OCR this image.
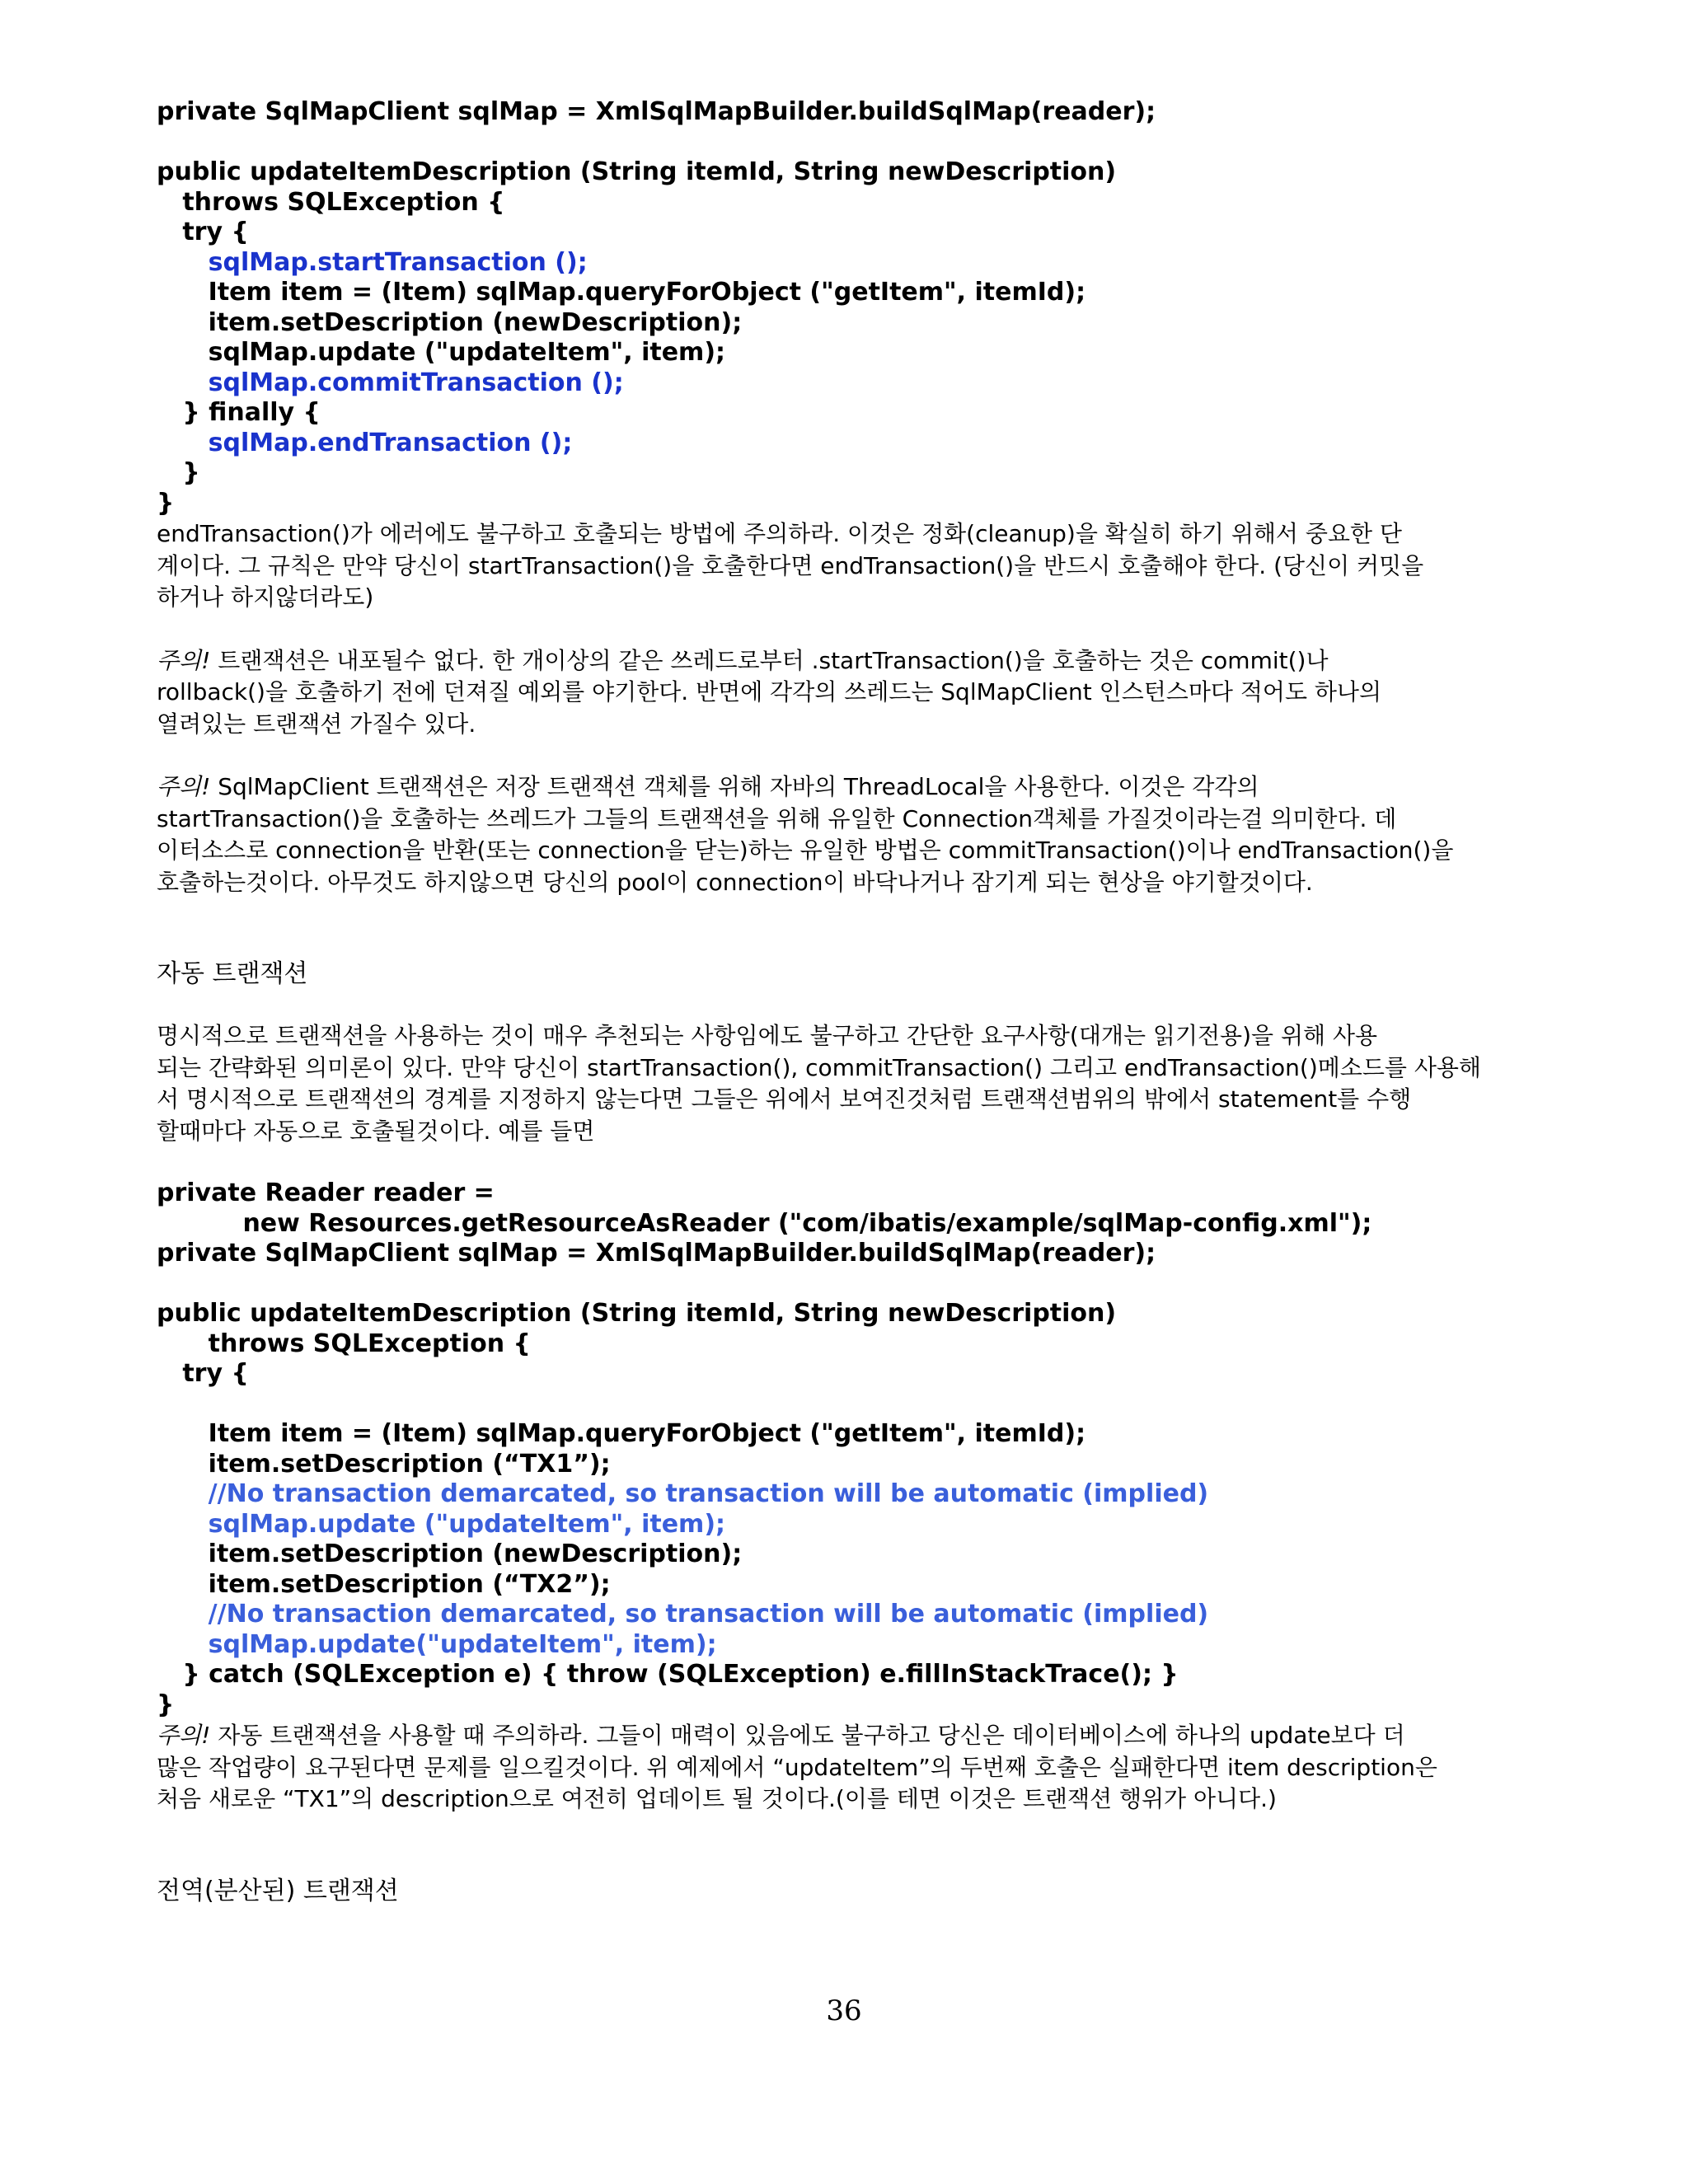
private SqlMapClient sqlMap = XmlSqlMapBuilder.buildSqlMap(reader);
public updateItemDescription (String itemId, String newDescription)
throws SQLException {
try {
sqlMap.startTransaction ();
Item item = (Item) sqlMap.queryForObject ("getItem", itemId);
item.setDescription (newDescription);
sqlMap.update ("updateItem", item);
sqlMap.commitTransaction ();
} finally {
sqlMap.endTransaction ();
}
}
endTransaction()가 에러에도 불구하고 호출되는 방법에 주의하라. 이것은 정화(cleanup)을 확실히 하기 위해서 중요한 단
계이다. 그 규칙은 만약 당신이 startTransaction()을 호출한다면 endTransaction()을 반드시 호출해야 한다. (당신이 커밋을
하거나 하지않더라도)
주의! 트랜잭션은 내포될수 없다. 한 개이상의 같은 쓰레드로부터 .startTransaction()을 호출하는 것은 commit()나
rollback()을 호출하기 전에 던져질 예외를 야기한다. 반면에 각각의 쓰레드는 SqlMapClient 인스턴스마다 적어도 하나의
열려있는 트랜잭션 가질수 있다.
주의! SqlMapClient 트랜잭션은 저장 트랜잭션 객체를 위해 자바의 ThreadLocal을 사용한다. 이것은 각각의
startTransaction()을 호출하는 쓰레드가 그들의 트랜잭션을 위해 유일한 Connection객체를 가질것이라는걸 의미한다. 데
이터소스로 connection을 반환(또는 connection을 닫는)하는 유일한 방법은 commitTransaction()이나 endTransaction()을
호출하는것이다. 아무것도 하지않으면 당신의 pool이 connection이 바닥나거나 잠기게 되는 현상을 야기할것이다.
자동 트랜잭션
명시적으로 트랜잭션을 사용하는 것이 매우 추천되는 사항임에도 불구하고 간단한 요구사항(대개는 읽기전용)을 위해 사용
되는 간략화된 의미론이 있다. 만약 당신이 startTransaction(), commitTransaction() 그리고 endTransaction()메소드를 사용해
서 명시적으로 트랜잭션의 경계를 지정하지 않는다면 그들은 위에서 보여진것처럼 트랜잭션범위의 밖에서 statement를 수행
할때마다 자동으로 호출될것이다. 예를 들면
private Reader reader =
new Resources.getResourceAsReader ("com/ibatis/example/sqlMap-config.xml");
private SqlMapClient sqlMap = XmlSqlMapBuilder.buildSqlMap(reader);
public updateItemDescription (String itemId, String newDescription)
throws SQLException {
try {
Item item = (Item) sqlMap.queryForObject ("getItem", itemId);
item.setDescription (“TX1”);
//No transaction demarcated, so transaction will be automatic (implied)
sqlMap.update ("updateItem", item);
item.setDescription (newDescription);
item.setDescription (“TX2”);
//No transaction demarcated, so transaction will be automatic (implied)
sqlMap.update("updateItem", item);
} catch (SQLException e) { throw (SQLException) e.fillInStackTrace(); }
}
주의! 자동 트랜잭션을 사용할 때 주의하라. 그들이 매력이 있음에도 불구하고 당신은 데이터베이스에 하나의 update보다 더
많은 작업량이 요구된다면 문제를 일으킬것이다. 위 예제에서 “updateItem”의 두번째 호출은 실패한다면 item description은
처음 새로운 “TX1”의 description으로 여전히 업데이트 될 것이다.(이를 테면 이것은 트랜잭션 행위가 아니다.)
전역(분산된) 트랜잭션
36
